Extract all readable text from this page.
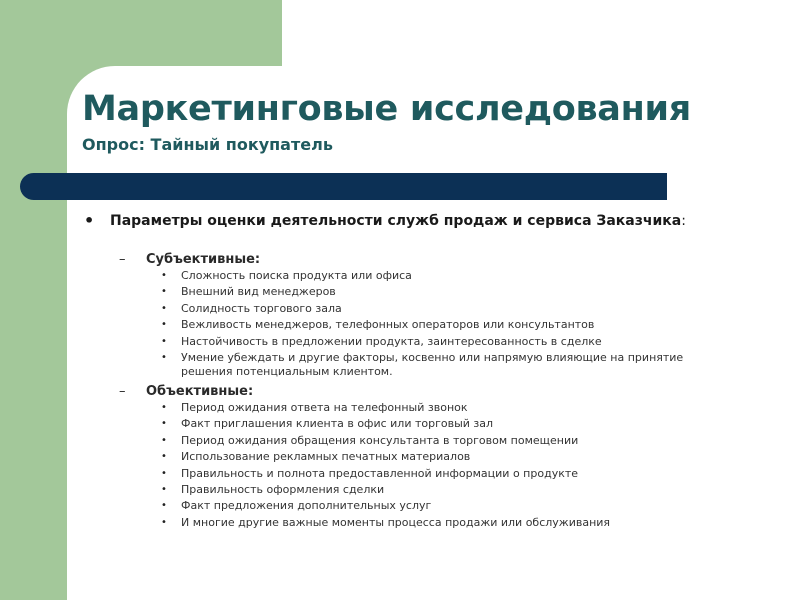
Маркетинговые исследования
Опрос: Тайный покупатель
•	Параметры оценки деятельности служб продаж и сервиса Заказчика:
–	Субъективные:
•	Сложность поиска продукта или офиса
•	Внешний вид менеджеров
•	Солидность торгового зала
•	Вежливость менеджеров, телефонных операторов или консультантов
•	Настойчивость в предложении продукта, заинтересованность в сделке
•	Умение убеждать и другие факторы, косвенно или напрямую влияющие на принятие решения потенциальным клиентом.
–	Объективные:
•	Период ожидания ответа на телефонный звонок
•	Факт приглашения клиента в офис или торговый зал
•	Период ожидания обращения консультанта в торговом помещении
•	Использование рекламных печатных материалов
•	Правильность и полнота предоставленной информации о продукте
•	Правильность оформления сделки
•	Факт предложения дополнительных услуг
•	И многие другие важные моменты процесса продажи или обслуживания
